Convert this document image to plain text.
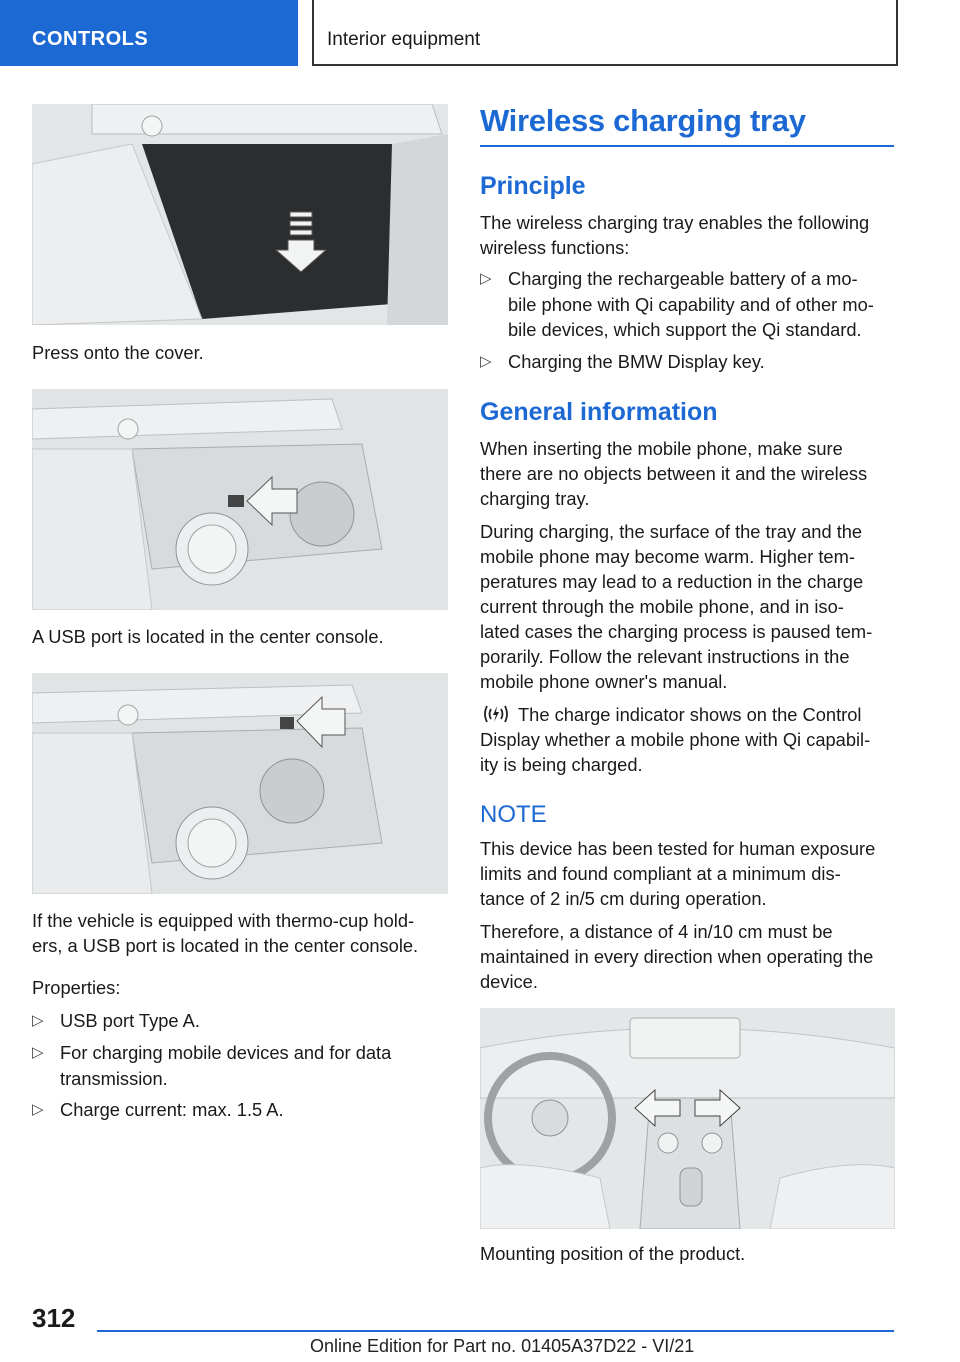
CONTROLS	Interior equipment

Press onto the cover.

A USB port is located in the center console.

If the vehicle is equipped with thermo-cup hold-

ers, a USB port is located in the center console.

Properties:

▷ USB port Type A.
▷ For charging mobile devices and for data
transmission.
▷ Charge current: max. 1.5 A.
Wireless charging tray
Principle

The wireless charging tray enables the following

wireless functions:

▷ Charging the rechargeable battery of a mo-
bile phone with Qi capability and of other mo-
bile devices, which support the Qi standard.
▷ Charging the BMW Display key.
General information

When inserting the mobile phone, make sure

there are no objects between it and the wireless

charging tray.

During charging, the surface of the tray and the

mobile phone may become warm. Higher tem-

peratures may lead to a reduction in the charge

current through the mobile phone, and in iso-

lated cases the charging process is paused tem-

porarily. Follow the relevant instructions in the

mobile phone owner's manual.

The charge indicator shows on the Control

Display whether a mobile phone with Qi capabil-

ity is being charged.

NOTE

This device has been tested for human exposure

limits and found compliant at a minimum dis-

tance of 2 in/5 cm during operation.

Therefore, a distance of 4 in/10 cm must be

maintained in every direction when operating the

device.

Mounting position of the product.

312
Online Edition for Part no. 01405A37D22 - VI/21
